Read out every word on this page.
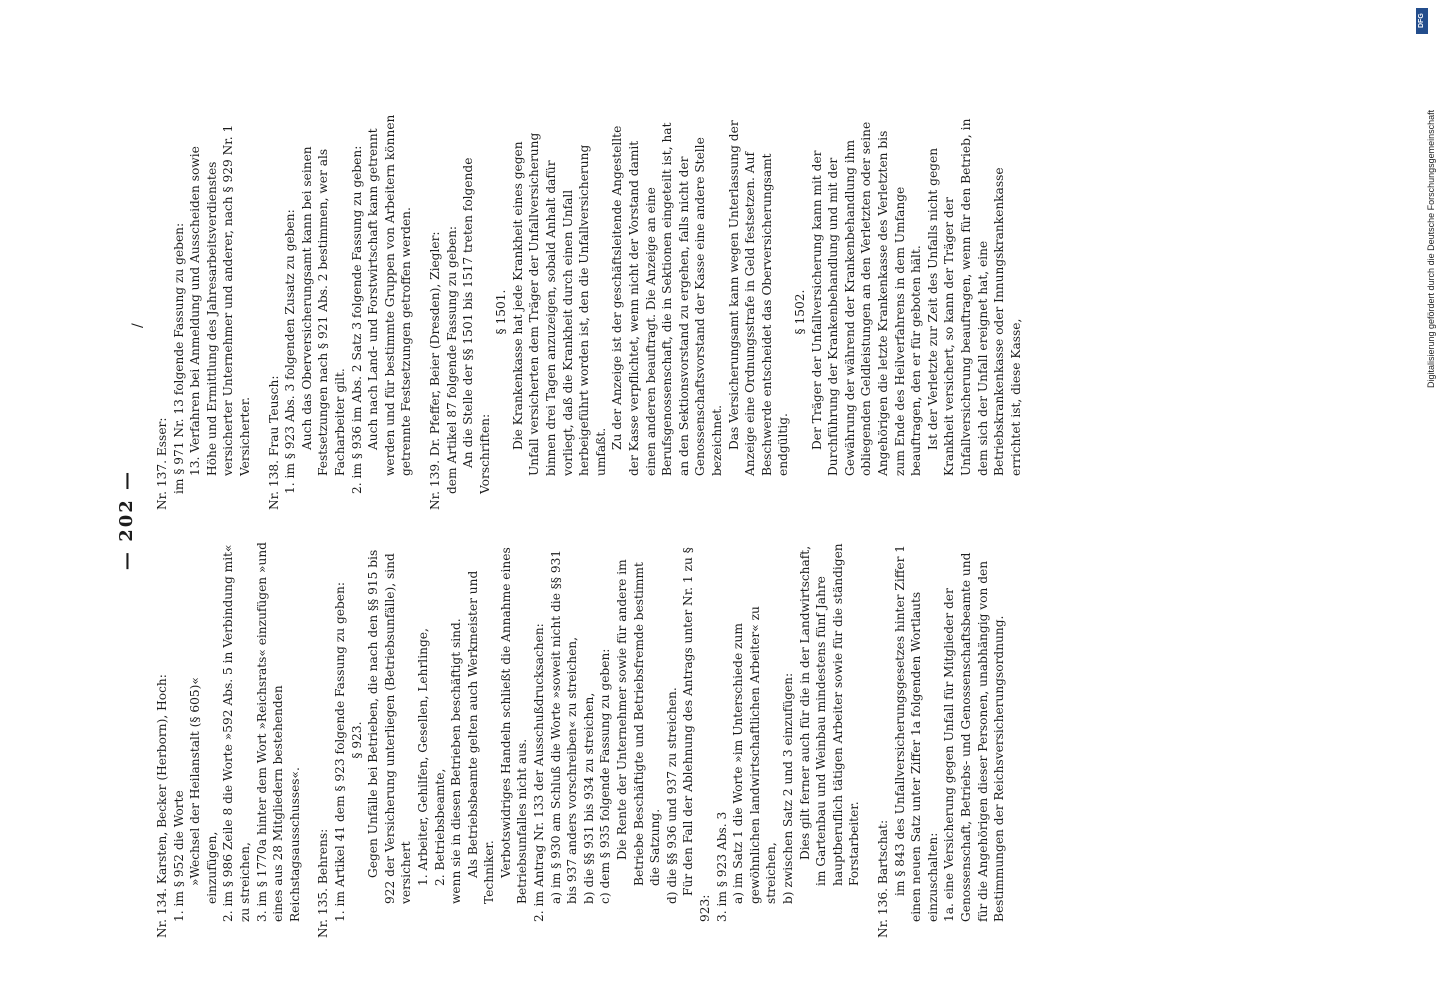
— 202 —
/

Nr. 134. Karsten, Becker (Herborn), Hoch: 1. im § 952 die Worte »Wechsel der Heilanstalt (§ 605)« einzufügen, 2. im § 986 Zeile 8 die Worte »592 Abs. 5 in Verbindung mit« zu streichen, 3. im § 1770a hinter dem Wort »Reichsrats« einzufügen »und eines aus 28 Mitgliedern bestehenden Reichstagsausschusses«. Nr. 135. Behrens: 1. im Artikel 41 dem § 923 folgende Fassung zu geben: § 923. Gegen Unfälle bei Betrieben, die nach den §§ 915 bis 922 der Versicherung unterliegen (Betriebsunfälle), sind versichert 1. Arbeiter, Gehilfen, Gesellen, Lehrlinge, 2. Betriebsbeamte, wenn sie in diesen Betrieben beschäftigt sind. Als Betriebsbeamte gelten auch Werkmeister und Techniker. Verbotswidriges Handeln schließt die Annahme eines Betriebsunfalles nicht aus. 2. im Antrag Nr. 133 der Ausschußdrucksachen: a) im § 930 am Schluß die Worte »soweit nicht die §§ 931 bis 937 anders vorschreiben« zu streichen, b) die §§ 931 bis 934 zu streichen, c) dem § 935 folgende Fassung zu geben: Die Rente der Unternehmer sowie für andere im Betriebe Beschäftigte und Betriebsfremde bestimmt die Satzung. d) die §§ 936 und 937 zu streichen. Für den Fall der Ablehnung des Antrags unter Nr. 1 zu § 923: 3. im § 923 Abs. 3 a) im Satz 1 die Worte »im Unterschiede zum gewöhnlichen landwirtschaftlichen Arbeiter« zu streichen, b) zwischen Satz 2 und 3 einzufügen: Dies gilt ferner auch für die in der Landwirtschaft, im Gartenbau und Weinbau mindestens fünf Jahre hauptberuflich tätigen Arbeiter sowie für die ständigen Forstarbeiter. Nr. 136. Bartschat: im § 843 des Unfallversicherungsgesetzes hinter Ziffer 1 einen neuen Satz unter Ziffer 1a folgenden Wortlauts einzuschalten: 1a. eine Versicherung gegen Unfall für Mitglieder der Genossenschaft, Betriebs- und Genossenschaftsbeamte und für die Angehörigen dieser Personen, unabhängig von den Bestimmungen der Reichsversicherungsordnung.

Nr. 137. Esser: im § 971 Nr. 13 folgende Fassung zu geben: 13. Verfahren bei Anmeldung und Ausscheiden sowie Höhe und Ermittlung des Jahresarbeitsverdienstes versicherter Unternehmer und anderer, nach § 929 Nr. 1 Versicherter. Nr. 138. Frau Teusch: 1. im § 923 Abs. 3 folgenden Zusatz zu geben: Auch das Oberversicherungsamt kann bei seinen Festsetzungen nach § 921 Abs. 2 bestimmen, wer als Facharbeiter gilt. 2. im § 936 im Abs. 2 Satz 3 folgende Fassung zu geben: Auch nach Land- und Forstwirtschaft kann getrennt werden und für bestimmte Gruppen von Arbeitern können getrennte Festsetzungen getroffen werden. Nr. 139. Dr. Pfeffer, Beier (Dresden), Ziegler: dem Artikel 87 folgende Fassung zu geben: An die Stelle der §§ 1501 bis 1517 treten folgende Vorschriften:

§ 1501. Die Krankenkasse hat jede Krankheit eines gegen Unfall versicherten dem Träger der Unfallversicherung binnen drei Tagen anzuzeigen, sobald Anhalt dafür vorliegt, daß die Krankheit durch einen Unfall herbeigeführt worden ist, den die Unfallversicherung umfaßt.

Zu der Anzeige ist der geschäftsleitende Angestellte der Kasse verpflichtet, wenn nicht der Vorstand damit einen anderen beauftragt. Die Anzeige an eine Berufsgenossenschaft, die in Sektionen eingeteilt ist, hat an den Sektionsvorstand zu ergehen, falls nicht der Genossenschaftsvorstand der Kasse eine andere Stelle bezeichnet. Das Versicherungsamt kann wegen Unterlassung der Anzeige eine Ordnungsstrafe in Geld festsetzen. Auf Beschwerde entscheidet das Oberversicherungsamt endgültig.

§ 1502. Der Träger der Unfallversicherung kann mit der Durchführung der Krankenbehandlung und mit der Gewährung der während der Krankenbehandlung ihm obliegenden Geldleistungen an den Verletzten oder seine Angehörigen die letzte Krankenkasse des Verletzten bis zum Ende des Heilverfahrens in dem Umfange beauftragen, den er für geboten hält. Ist der Verletzte zur Zeit des Unfalls nicht gegen Krankheit versichert, so kann der Träger der Unfallversicherung beauftragen, wenn für den Betrieb, in dem sich der Unfall ereignet hat, eine Betriebskrankenkasse oder Innungskrankenkasse errichtet ist, diese Kasse,

Digitalisierung gefördert durch die Deutsche Forschungsgemeinschaft
DFG
